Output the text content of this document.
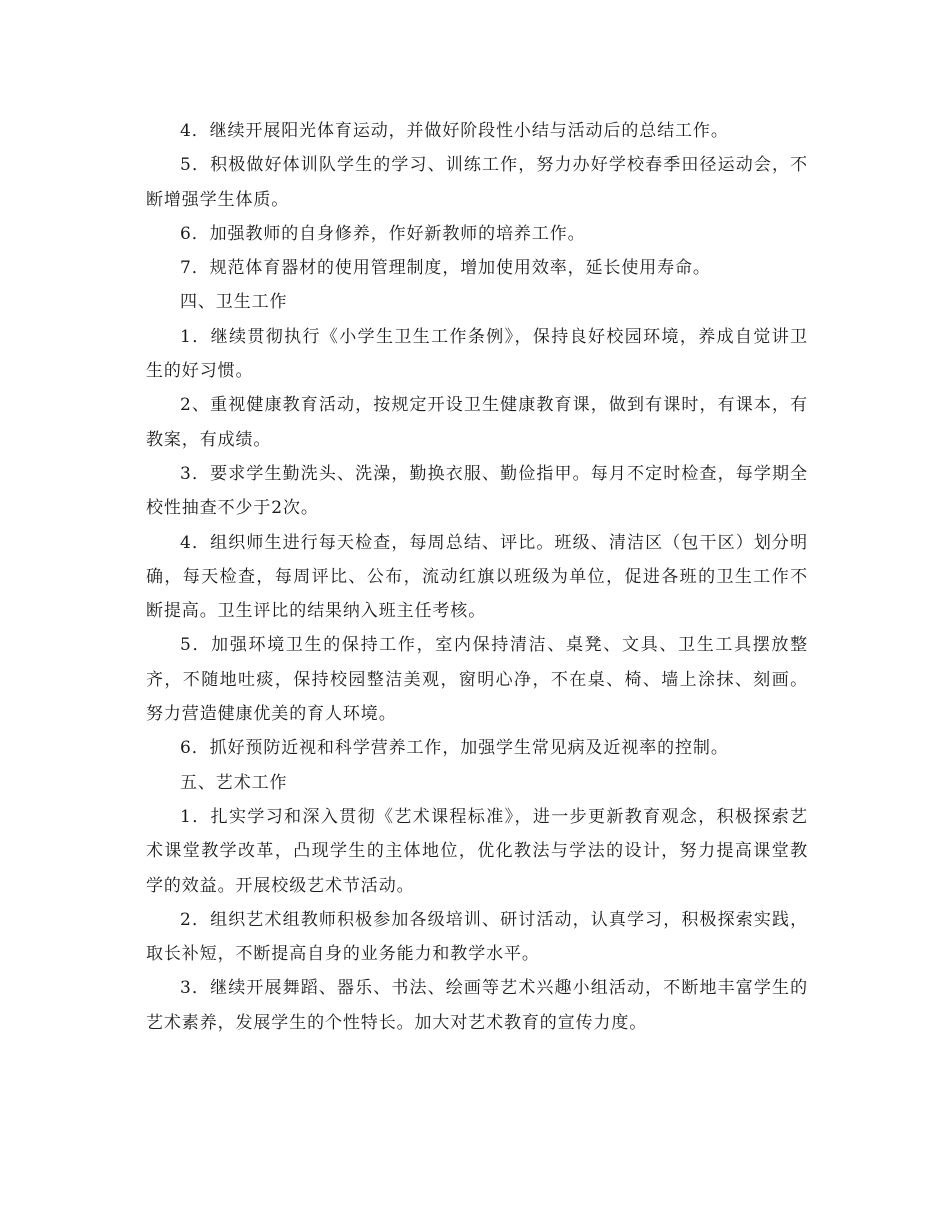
4．继续开展阳光体育运动，并做好阶段性小结与活动后的总结工作。

5．积极做好体训队学生的学习、训练工作，努力办好学校春季田径运动会，不断增强学生体质。

6．加强教师的自身修养，作好新教师的培养工作。

7．规范体育器材的使用管理制度，增加使用效率，延长使用寿命。

四、卫生工作

1．继续贯彻执行《小学生卫生工作条例》，保持良好校园环境，养成自觉讲卫生的好习惯。

2、重视健康教育活动，按规定开设卫生健康教育课，做到有课时，有课本，有教案，有成绩。

3．要求学生勤洗头、洗澡，勤换衣服、勤俭指甲。每月不定时检查，每学期全校性抽查不少于2次。

4．组织师生进行每天检查，每周总结、评比。班级、清洁区（包干区）划分明确，每天检查，每周评比、公布，流动红旗以班级为单位，促进各班的卫生工作不断提高。卫生评比的结果纳入班主任考核。

5．加强环境卫生的保持工作，室内保持清洁、桌凳、文具、卫生工具摆放整齐，不随地吐痰，保持校园整洁美观，窗明心净，不在桌、椅、墙上涂抹、刻画。努力营造健康优美的育人环境。

6．抓好预防近视和科学营养工作，加强学生常见病及近视率的控制。

五、艺术工作

1．扎实学习和深入贯彻《艺术课程标准》，进一步更新教育观念，积极探索艺术课堂教学改革，凸现学生的主体地位，优化教法与学法的设计，努力提高课堂教学的效益。开展校级艺术节活动。

2．组织艺术组教师积极参加各级培训、研讨活动，认真学习，积极探索实践，取长补短，不断提高自身的业务能力和教学水平。

3．继续开展舞蹈、器乐、书法、绘画等艺术兴趣小组活动，不断地丰富学生的艺术素养，发展学生的个性特长。加大对艺术教育的宣传力度。
